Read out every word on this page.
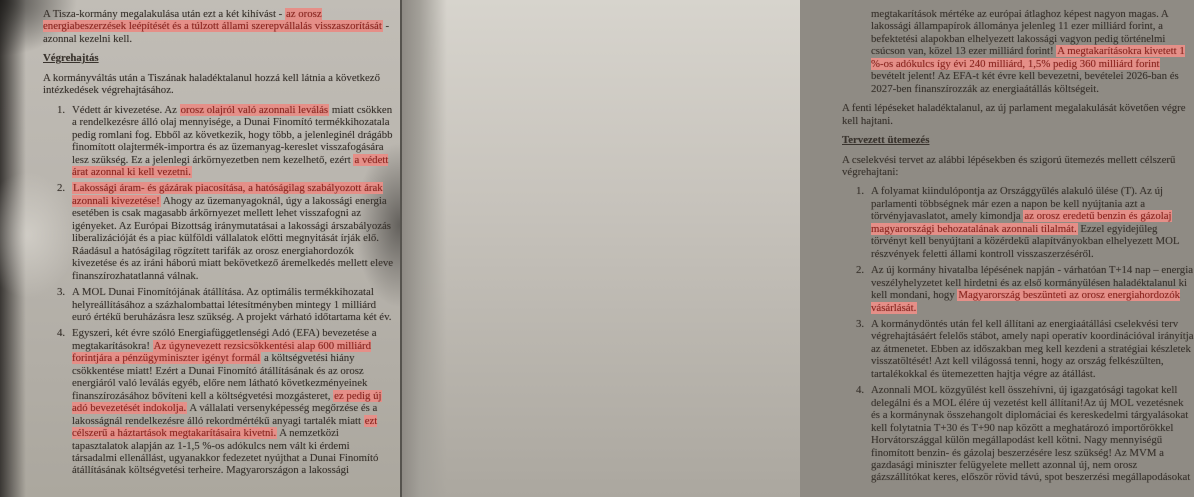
A Tisza-kormány megalakulása után ezt a két kihívást - az orosz energiabeszerzések leépítését és a túlzott állami szerepvállalás visszaszorítását - azonnal kezelni kell.
Végrehajtás
A kormányváltás után a Tiszának haladéktalanul hozzá kell látnia a következő intézkedések végrehajtásához.
1. Védett ár kivezetése. Az orosz olajról való azonnali leválás miatt csökken a rendelkezésre álló olaj mennyisége, a Dunai Finomító termékkihozatala pedig romlani fog. Ebből az következik, hogy több, a jelenleginél drágább finomított olajtermék-importra és az üzemanyag-kereslet visszafogására lesz szükség. Ez a jelenlegi árkörnyezetben nem kezelhető, ezért a védett árat azonnal ki kell vezetni.
2. Lakossági áram- és gázárak piacosítása, a hatóságilag szabályozott árak azonnali kivezetése! Ahogy az üzemanyagoknál, úgy a lakossági energia esetében is csak magasabb árkörnyezet mellett lehet visszafogni az igényeket. Az Európai Bizottság iránymutatásai a lakossági árszabályozás liberalizációját és a piac külföldi vállalatok előtti megnyitását írják elő. Ráadásul a hatóságilag rögzített tarifák az orosz energiahordozók kivezetése és az iráni háború miatt bekövetkező áremelkedés mellett eleve finanszírozhatatlanná válnak.
3. A MOL Dunai Finomítójának átállítása. Az optimális termékkihozatal helyreállításához a százhalombattai létesítményben mintegy 1 milliárd euró értékű beruházásra lesz szükség. A projekt várható időtartama két év.
4. Egyszeri, két évre szóló Energiafüggetlenségi Adó (EFA) bevezetése a megtakarításokra! Az úgynevezett rezsicsökkentési alap 600 milliárd forintjára a pénzügyminiszter igényt formál a költségvetési hiány csökkentése miatt! Ezért a Dunai Finomító átállításának és az orosz energiáról való leválás egyéb, előre nem látható következményeinek finanszírozásához bővíteni kell a költségvetési mozgásteret, ez pedig új adó bevezetését indokolja. A vállalati versenyképesség megőrzése és a lakosságnál rendelkezésre álló rekordmértékű anyagi tartalék miatt ezt célszerű a háztartások megtakarításaira kivetni. A nemzetközi tapasztalatok alapján az 1-1,5 %-os adókulcs nem vált ki érdemi társadalmi ellenállást, ugyanakkor fedezetet nyújthat a Dunai Finomító átállításának költségvetési terheire. Magyarországon a lakossági
megtakarítások mértéke az európai átlaghoz képest nagyon magas. A lakossági állampapírok állománya jelenleg 11 ezer milliárd forint, a befektetési alapokban elhelyezett lakossági vagyon pedig történelmi csúcson van, közel 13 ezer milliárd forint! A megtakarításokra kivetett 1 %-os adókulcs így évi 240 milliárd, 1,5% pedig 360 milliárd forint bevételt jelent! Az EFA-t két évre kell bevezetni, bevételei 2026-ban és 2027-ben finanszírozzák az energiaátállás költségeit.
A fenti lépéseket haladéktalanul, az új parlament megalakulását követően végre kell hajtani.
Tervezett ütemezés
A cselekvési tervet az alábbi lépésekben és szigorú ütemezés mellett célszerű végrehajtani:
1. A folyamat kiindulópontja az Országgyűlés alakuló ülése (T). Az új parlamenti többségnek már ezen a napon be kell nyújtania azt a törvényjavaslatot, amely kimondja az orosz eredetű benzin és gázolaj magyarországi behozatalának azonnali tilalmát. Ezzel egyidejűleg törvényt kell benyújtani a közérdekű alapítványokban elhelyezett MOL részvények feletti állami kontroll visszaszerzéséről.
2. Az új kormány hivatalba lépésének napján - várhatóan T+14 nap – energia veszélyhelyzetet kell hirdetni és az első kormányülésen haladéktalanul ki kell mondani, hogy Magyarország beszünteti az orosz energiahordozók vásárlását.
3. A kormánydöntés után fel kell állítani az energiaátállási cselekvési terv végrehajtásáért felelős stábot, amely napi operatív koordinációval irányítja az átmenetet. Ebben az időszakban meg kell kezdeni a stratégiai készletek visszatöltését! Azt kell világossá tenni, hogy az ország felkészülten, tartalékokkal és ütemezetten hajtja végre az átállást.
4. Azonnali MOL közgyűlést kell összehívni, új igazgatósági tagokat kell delegálni és a MOL élére új vezetést kell állítani!Az új MOL vezetésnek és a kormánynak összehangolt diplomáciai és kereskedelmi tárgyalásokat kell folytatnia T+30 és T+90 nap között a meghatározó importőrökkel Horvátországgal külön megállapodást kell kötni. Nagy mennyiségű finomított benzin- és gázolaj beszerzésére lesz szükség! Az MVM a gazdasági miniszter felügyelete mellett azonnal új, nem orosz gázszállítókat keres, először rövid távú, spot beszerzési megállapodásokat
